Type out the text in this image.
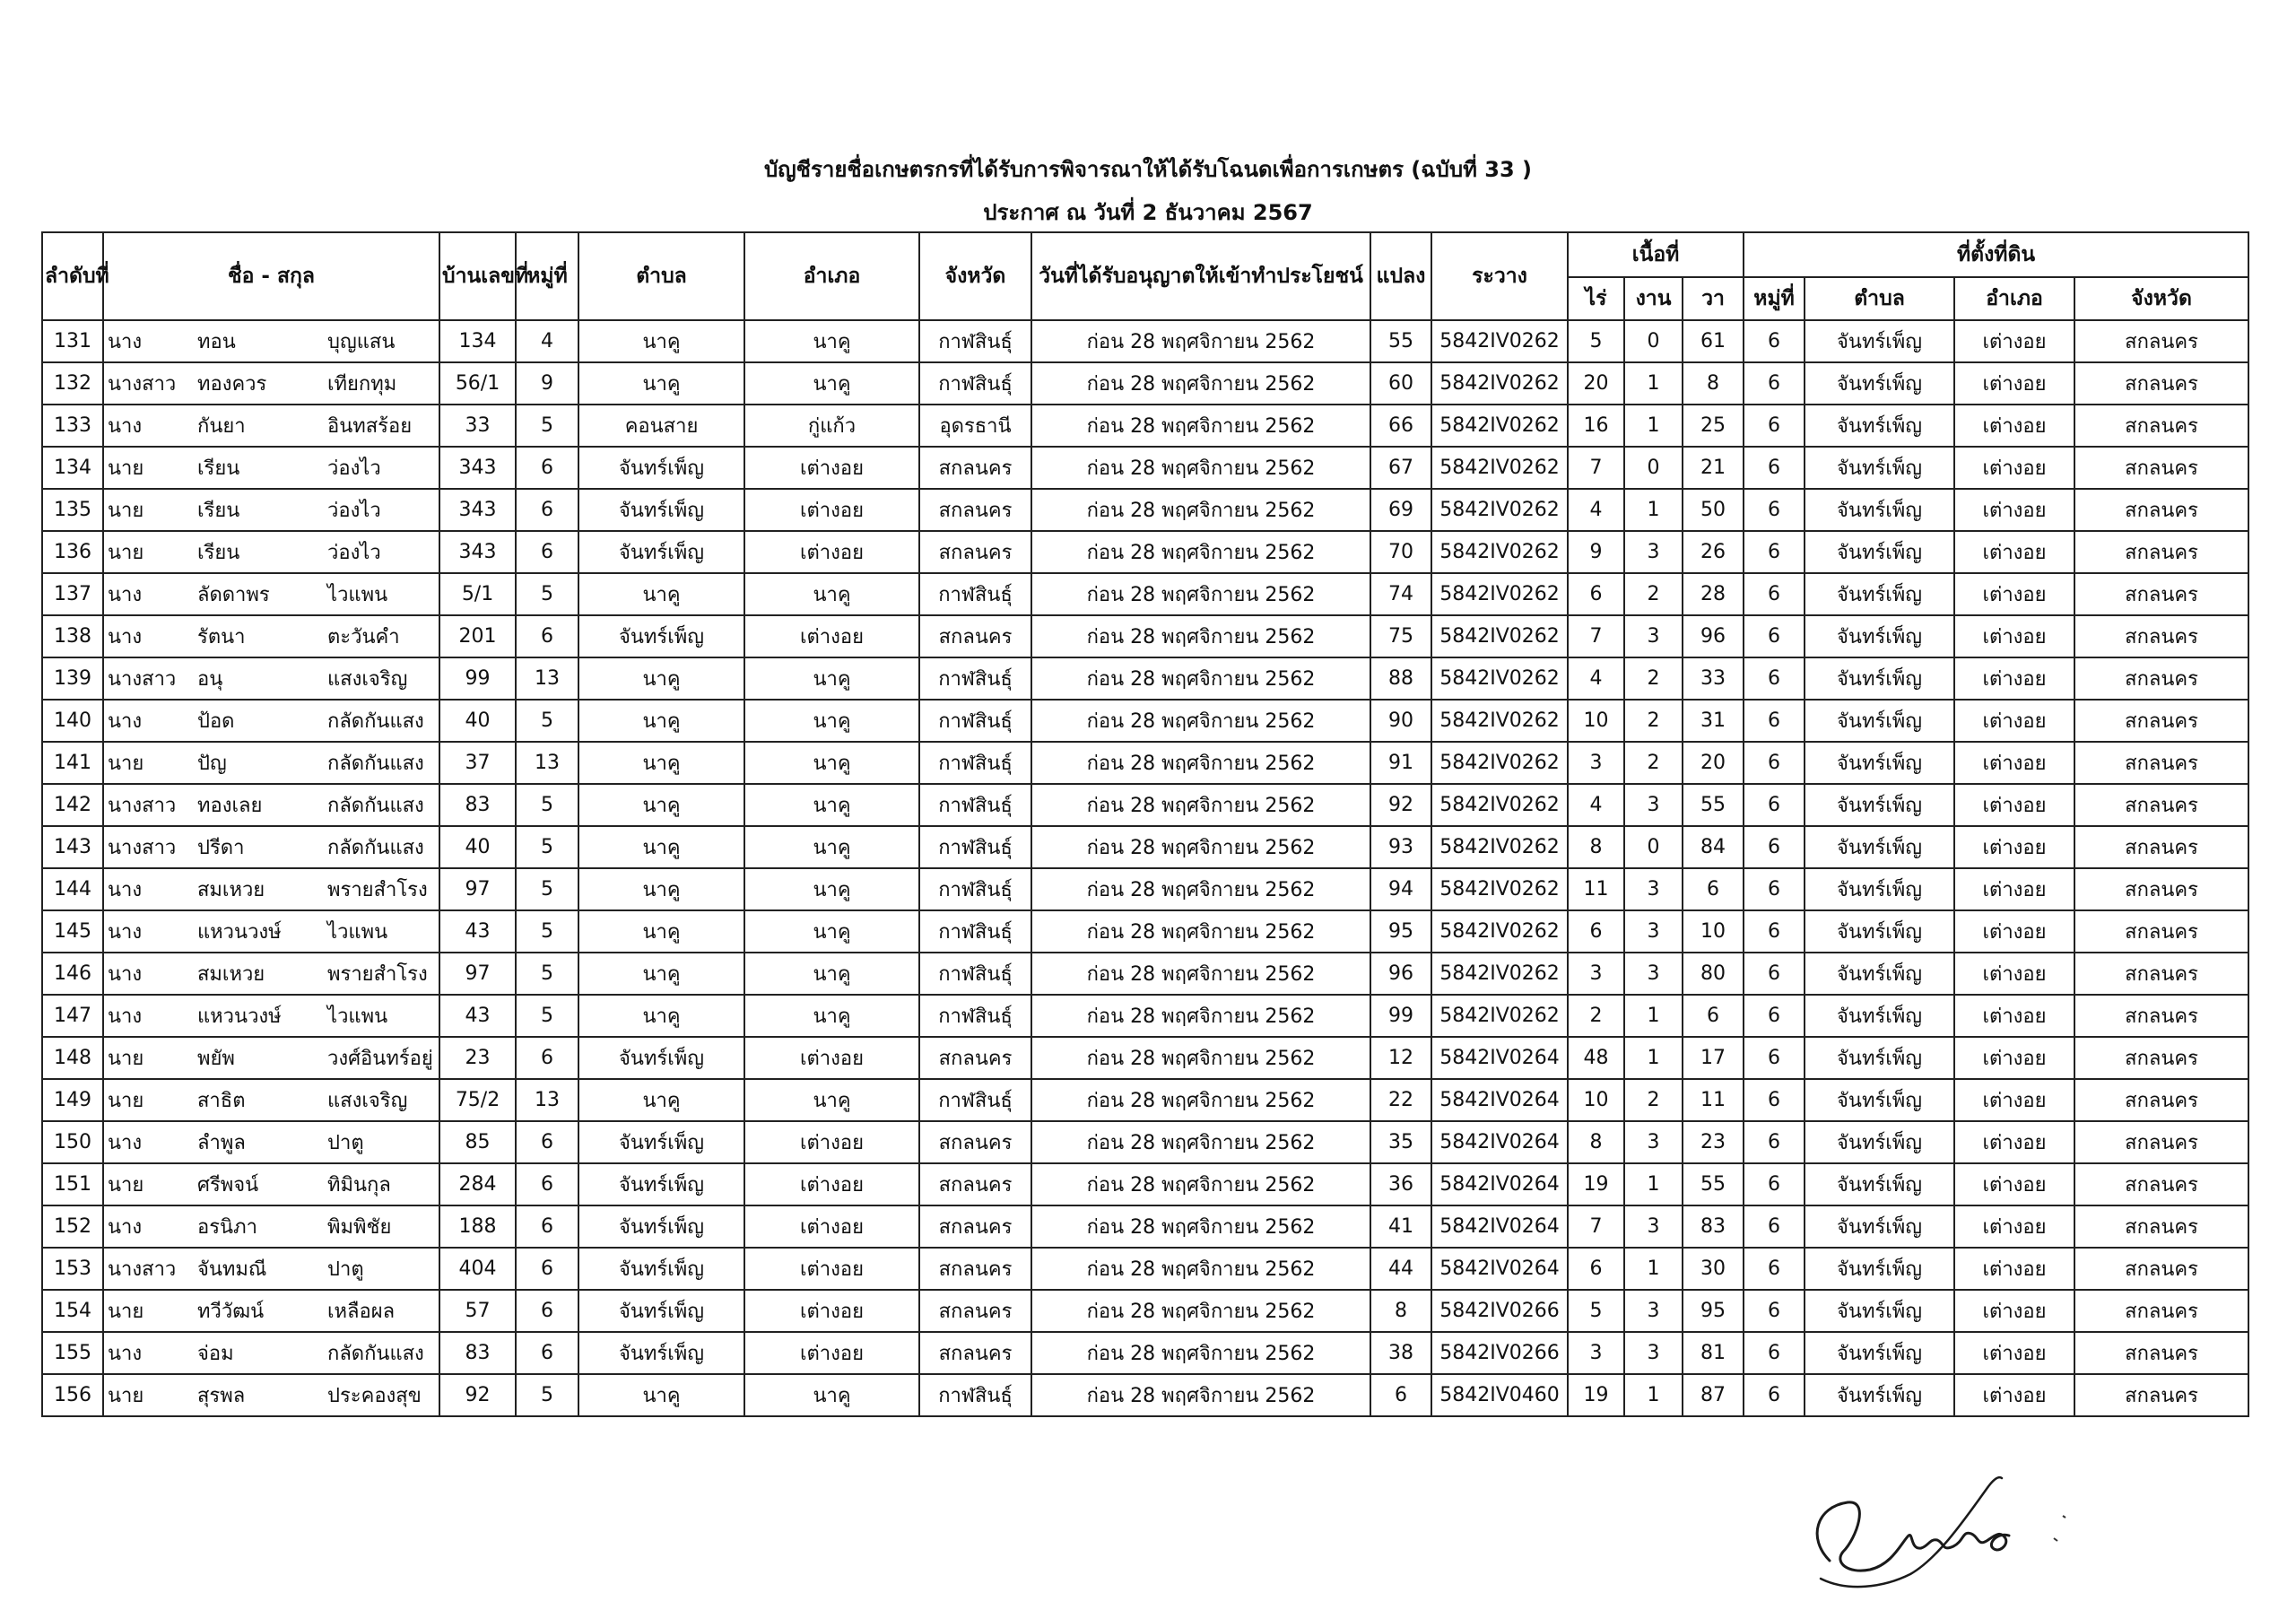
บัญชีรายชื่อเกษตรกรที่ได้รับการพิจารณาให้ได้รับโฉนดเพื่อการเกษตร (ฉบับที่ 33 )
ประกาศ ณ วันที่ 2 ธันวาคม 2567
ลำดับที่	ชื่อ - สกุล			บ้านเลขที่	หมู่ที่	ตำบล	อำเภอ	จังหวัด	วันที่ได้รับอนุญาตให้เข้าทำประโยชน์	แปลง	ระวาง	เนื้อที่			ที่ตั้งที่ดิน			
												ไร่	งาน	วา	หมู่ที่	ตำบล	อำเภอ	จังหวัด
131	นาง	ทอน	บุญแสน	134	4	นาคู	นาคู	กาฬสินธุ์	ก่อน 28 พฤศจิกายน 2562	55	5842IV0262	5	0	61	6	จันทร์เพ็ญ	เต่างอย	สกลนคร
132	นางสาว	ทองควร	เทียกทุม	56/1	9	นาคู	นาคู	กาฬสินธุ์	ก่อน 28 พฤศจิกายน 2562	60	5842IV0262	20	1	8	6	จันทร์เพ็ญ	เต่างอย	สกลนคร
133	นาง	กันยา	อินทสร้อย	33	5	คอนสาย	กู่แก้ว	อุดรธานี	ก่อน 28 พฤศจิกายน 2562	66	5842IV0262	16	1	25	6	จันทร์เพ็ญ	เต่างอย	สกลนคร
134	นาย	เรียน	ว่องไว	343	6	จันทร์เพ็ญ	เต่างอย	สกลนคร	ก่อน 28 พฤศจิกายน 2562	67	5842IV0262	7	0	21	6	จันทร์เพ็ญ	เต่างอย	สกลนคร
135	นาย	เรียน	ว่องไว	343	6	จันทร์เพ็ญ	เต่างอย	สกลนคร	ก่อน 28 พฤศจิกายน 2562	69	5842IV0262	4	1	50	6	จันทร์เพ็ญ	เต่างอย	สกลนคร
136	นาย	เรียน	ว่องไว	343	6	จันทร์เพ็ญ	เต่างอย	สกลนคร	ก่อน 28 พฤศจิกายน 2562	70	5842IV0262	9	3	26	6	จันทร์เพ็ญ	เต่างอย	สกลนคร
137	นาง	ลัดดาพร	ไวแพน	5/1	5	นาคู	นาคู	กาฬสินธุ์	ก่อน 28 พฤศจิกายน 2562	74	5842IV0262	6	2	28	6	จันทร์เพ็ญ	เต่างอย	สกลนคร
138	นาง	รัตนา	ตะวันคำ	201	6	จันทร์เพ็ญ	เต่างอย	สกลนคร	ก่อน 28 พฤศจิกายน 2562	75	5842IV0262	7	3	96	6	จันทร์เพ็ญ	เต่างอย	สกลนคร
139	นางสาว	อนุ	แสงเจริญ	99	13	นาคู	นาคู	กาฬสินธุ์	ก่อน 28 พฤศจิกายน 2562	88	5842IV0262	4	2	33	6	จันทร์เพ็ญ	เต่างอย	สกลนคร
140	นาง	ป้อด	กลัดกันแสง	40	5	นาคู	นาคู	กาฬสินธุ์	ก่อน 28 พฤศจิกายน 2562	90	5842IV0262	10	2	31	6	จันทร์เพ็ญ	เต่างอย	สกลนคร
141	นาย	ปัญ	กลัดกันแสง	37	13	นาคู	นาคู	กาฬสินธุ์	ก่อน 28 พฤศจิกายน 2562	91	5842IV0262	3	2	20	6	จันทร์เพ็ญ	เต่างอย	สกลนคร
142	นางสาว	ทองเลย	กลัดกันแสง	83	5	นาคู	นาคู	กาฬสินธุ์	ก่อน 28 พฤศจิกายน 2562	92	5842IV0262	4	3	55	6	จันทร์เพ็ญ	เต่างอย	สกลนคร
143	นางสาว	ปรีดา	กลัดกันแสง	40	5	นาคู	นาคู	กาฬสินธุ์	ก่อน 28 พฤศจิกายน 2562	93	5842IV0262	8	0	84	6	จันทร์เพ็ญ	เต่างอย	สกลนคร
144	นาง	สมเหวย	พรายสำโรง	97	5	นาคู	นาคู	กาฬสินธุ์	ก่อน 28 พฤศจิกายน 2562	94	5842IV0262	11	3	6	6	จันทร์เพ็ญ	เต่างอย	สกลนคร
145	นาง	แหวนวงษ์	ไวแพน	43	5	นาคู	นาคู	กาฬสินธุ์	ก่อน 28 พฤศจิกายน 2562	95	5842IV0262	6	3	10	6	จันทร์เพ็ญ	เต่างอย	สกลนคร
146	นาง	สมเหวย	พรายสำโรง	97	5	นาคู	นาคู	กาฬสินธุ์	ก่อน 28 พฤศจิกายน 2562	96	5842IV0262	3	3	80	6	จันทร์เพ็ญ	เต่างอย	สกลนคร
147	นาง	แหวนวงษ์	ไวแพน	43	5	นาคู	นาคู	กาฬสินธุ์	ก่อน 28 พฤศจิกายน 2562	99	5842IV0262	2	1	6	6	จันทร์เพ็ญ	เต่างอย	สกลนคร
148	นาย	พยัพ	วงศ์อินทร์อยู่	23	6	จันทร์เพ็ญ	เต่างอย	สกลนคร	ก่อน 28 พฤศจิกายน 2562	12	5842IV0264	48	1	17	6	จันทร์เพ็ญ	เต่างอย	สกลนคร
149	นาย	สาธิต	แสงเจริญ	75/2	13	นาคู	นาคู	กาฬสินธุ์	ก่อน 28 พฤศจิกายน 2562	22	5842IV0264	10	2	11	6	จันทร์เพ็ญ	เต่างอย	สกลนคร
150	นาง	ลำพูล	ปาตู	85	6	จันทร์เพ็ญ	เต่างอย	สกลนคร	ก่อน 28 พฤศจิกายน 2562	35	5842IV0264	8	3	23	6	จันทร์เพ็ญ	เต่างอย	สกลนคร
151	นาย	ศรีพจน์	ทิมินกุล	284	6	จันทร์เพ็ญ	เต่างอย	สกลนคร	ก่อน 28 พฤศจิกายน 2562	36	5842IV0264	19	1	55	6	จันทร์เพ็ญ	เต่างอย	สกลนคร
152	นาง	อรนิภา	พิมพิชัย	188	6	จันทร์เพ็ญ	เต่างอย	สกลนคร	ก่อน 28 พฤศจิกายน 2562	41	5842IV0264	7	3	83	6	จันทร์เพ็ญ	เต่างอย	สกลนคร
153	นางสาว	จันทมณี	ปาตู	404	6	จันทร์เพ็ญ	เต่างอย	สกลนคร	ก่อน 28 พฤศจิกายน 2562	44	5842IV0264	6	1	30	6	จันทร์เพ็ญ	เต่างอย	สกลนคร
154	นาย	ทวีวัฒน์	เหลือผล	57	6	จันทร์เพ็ญ	เต่างอย	สกลนคร	ก่อน 28 พฤศจิกายน 2562	8	5842IV0266	5	3	95	6	จันทร์เพ็ญ	เต่างอย	สกลนคร
155	นาง	จ่อม	กลัดกันแสง	83	6	จันทร์เพ็ญ	เต่างอย	สกลนคร	ก่อน 28 พฤศจิกายน 2562	38	5842IV0266	3	3	81	6	จันทร์เพ็ญ	เต่างอย	สกลนคร
156	นาย	สุรพล	ประคองสุข	92	5	นาคู	นาคู	กาฬสินธุ์	ก่อน 28 พฤศจิกายน 2562	6	5842IV0460	19	1	87	6	จันทร์เพ็ญ	เต่างอย	สกลนคร
